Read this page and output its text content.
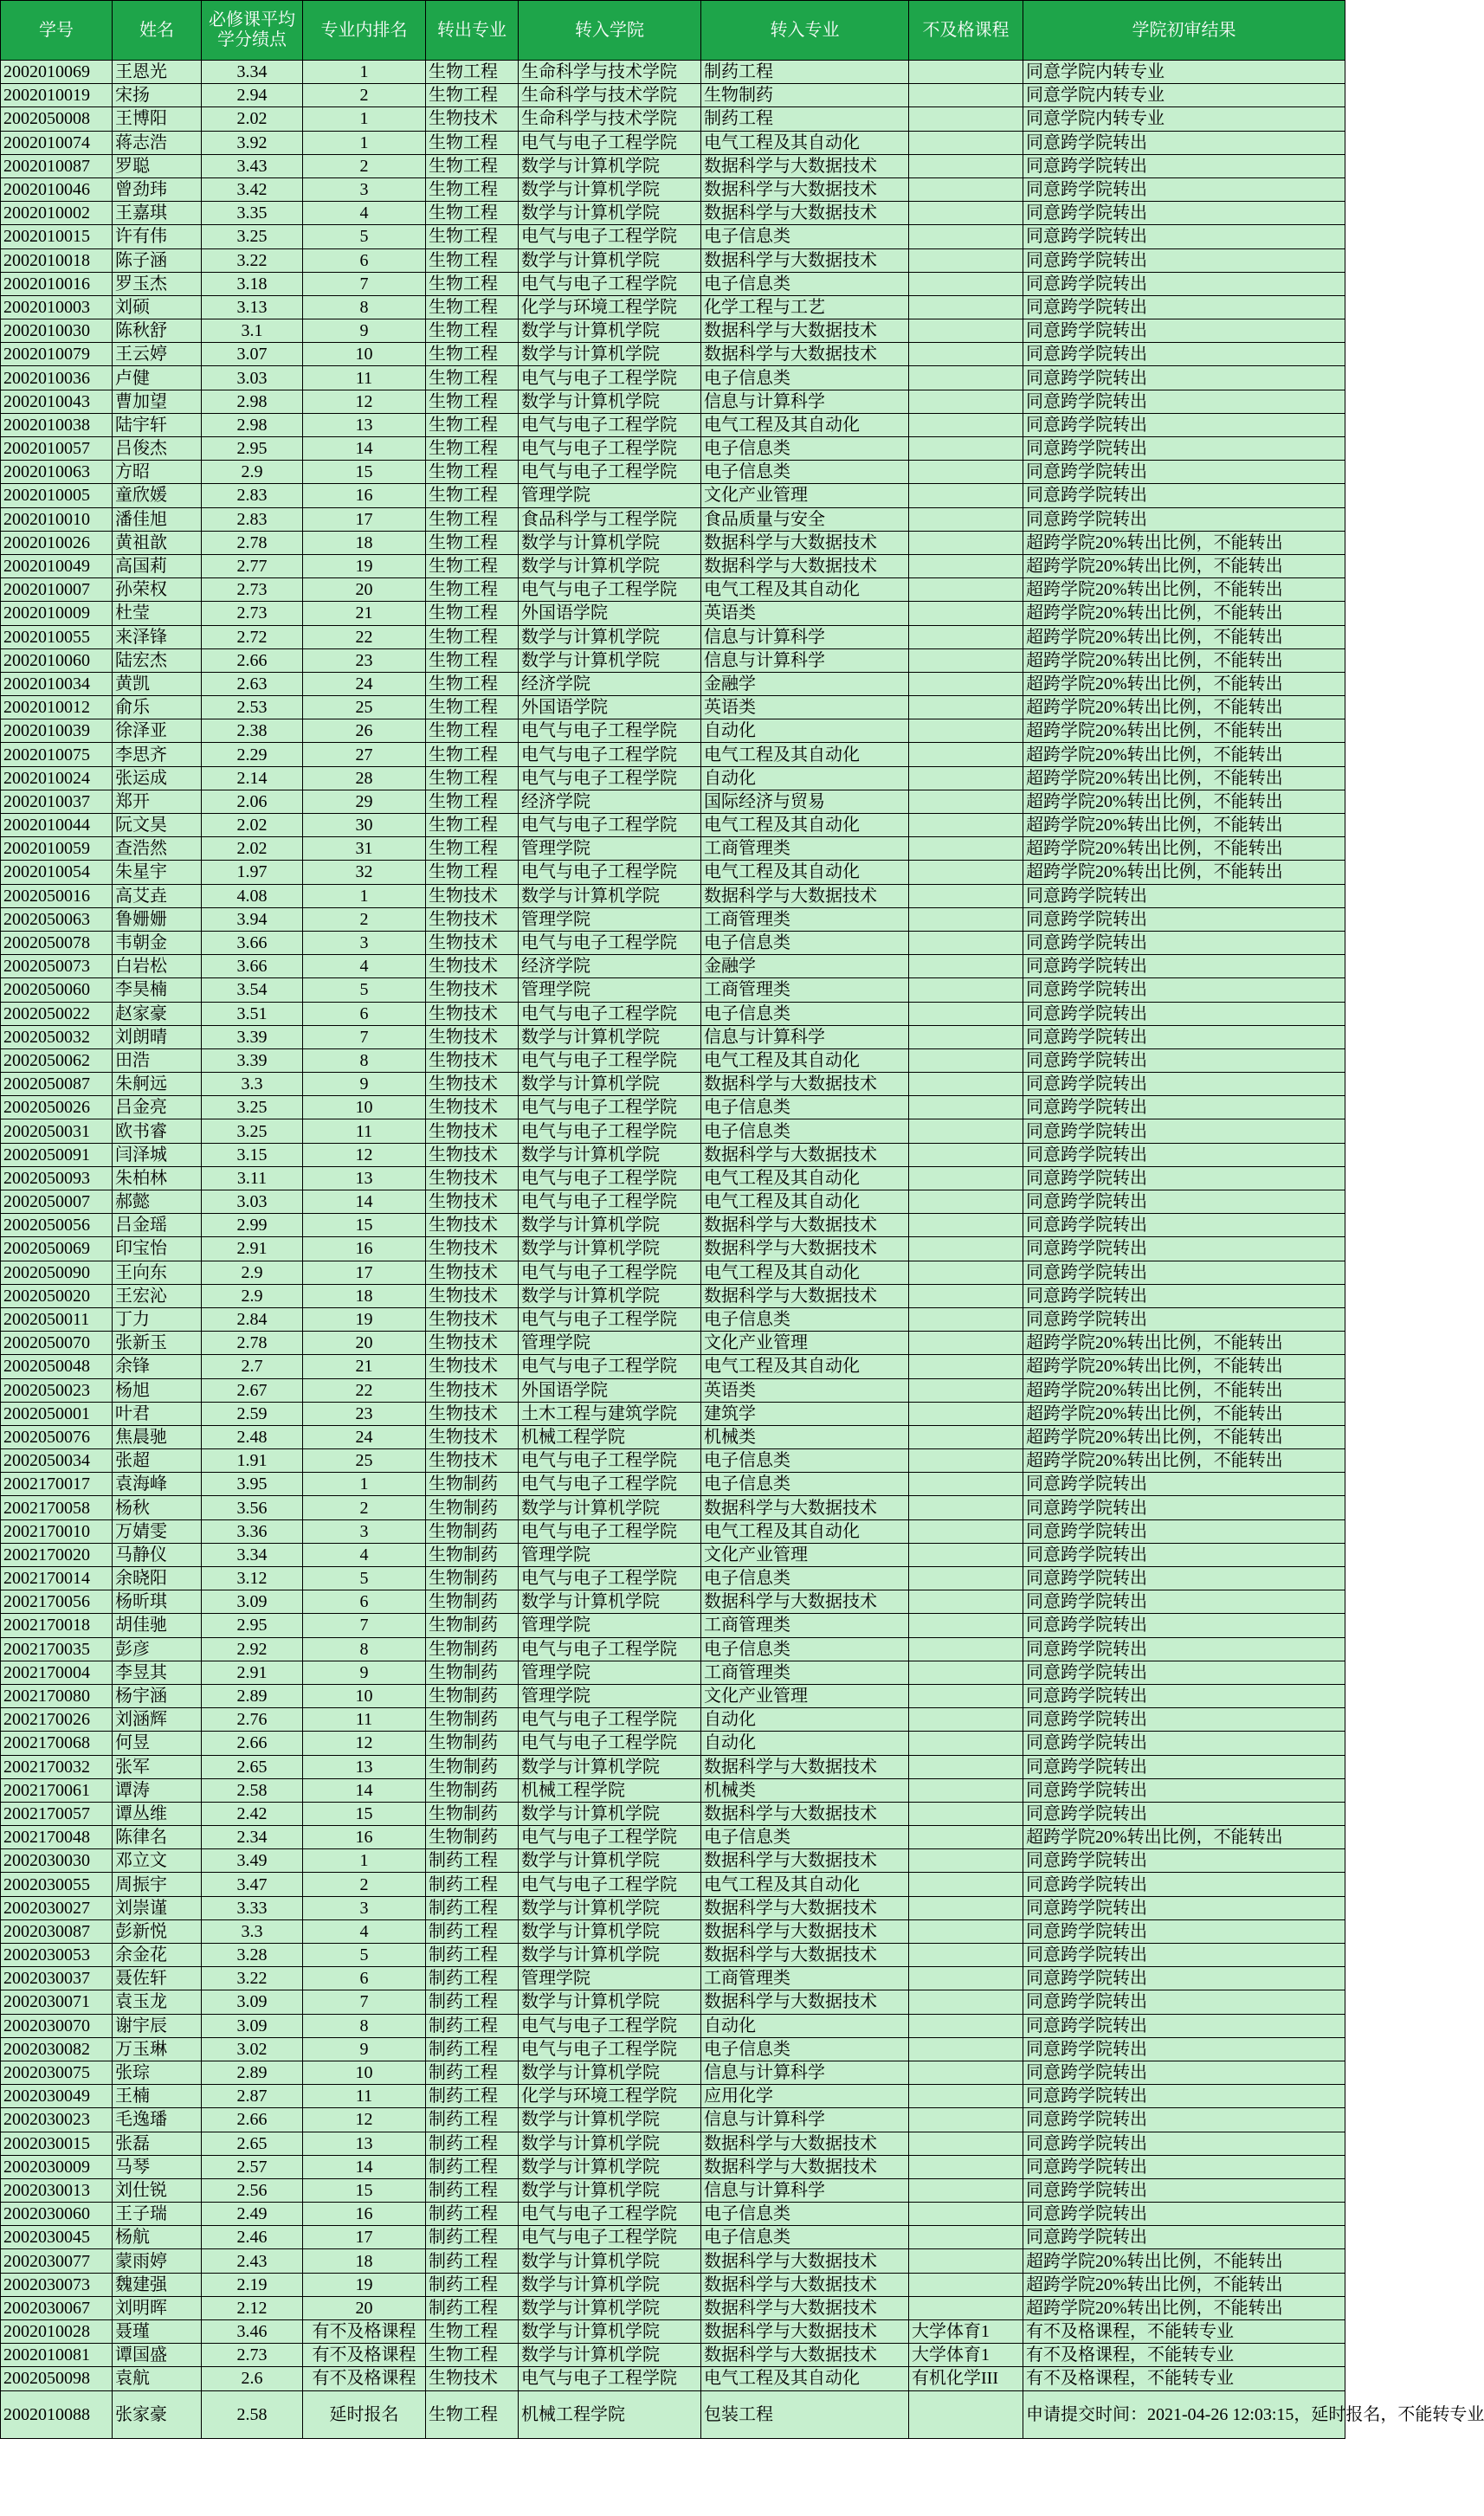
学号	姓名	必修课平均学分绩点	专业内排名	转出专业	转入学院	转入专业	不及格课程	学院初审结果
2002010069	王恩光	3.34	1	生物工程	生命科学与技术学院	制药工程		同意学院内转专业
2002010019	宋扬	2.94	2	生物工程	生命科学与技术学院	生物制药		同意学院内转专业
2002050008	王博阳	2.02	1	生物技术	生命科学与技术学院	制药工程		同意学院内转专业
2002010074	蒋志浩	3.92	1	生物工程	电气与电子工程学院	电气工程及其自动化		同意跨学院转出
2002010087	罗聪	3.43	2	生物工程	数学与计算机学院	数据科学与大数据技术		同意跨学院转出
2002010046	曾劲玮	3.42	3	生物工程	数学与计算机学院	数据科学与大数据技术		同意跨学院转出
2002010002	王嘉琪	3.35	4	生物工程	数学与计算机学院	数据科学与大数据技术		同意跨学院转出
2002010015	许有伟	3.25	5	生物工程	电气与电子工程学院	电子信息类		同意跨学院转出
2002010018	陈子涵	3.22	6	生物工程	数学与计算机学院	数据科学与大数据技术		同意跨学院转出
2002010016	罗玉杰	3.18	7	生物工程	电气与电子工程学院	电子信息类		同意跨学院转出
2002010003	刘硕	3.13	8	生物工程	化学与环境工程学院	化学工程与工艺		同意跨学院转出
2002010030	陈秋舒	3.1	9	生物工程	数学与计算机学院	数据科学与大数据技术		同意跨学院转出
2002010079	王云婷	3.07	10	生物工程	数学与计算机学院	数据科学与大数据技术		同意跨学院转出
2002010036	卢健	3.03	11	生物工程	电气与电子工程学院	电子信息类		同意跨学院转出
2002010043	曹加望	2.98	12	生物工程	数学与计算机学院	信息与计算科学		同意跨学院转出
2002010038	陆宇轩	2.98	13	生物工程	电气与电子工程学院	电气工程及其自动化		同意跨学院转出
2002010057	吕俊杰	2.95	14	生物工程	电气与电子工程学院	电子信息类		同意跨学院转出
2002010063	方昭	2.9	15	生物工程	电气与电子工程学院	电子信息类		同意跨学院转出
2002010005	童欣媛	2.83	16	生物工程	管理学院	文化产业管理		同意跨学院转出
2002010010	潘佳旭	2.83	17	生物工程	食品科学与工程学院	食品质量与安全		同意跨学院转出
2002010026	黄祖歆	2.78	18	生物工程	数学与计算机学院	数据科学与大数据技术		超跨学院20%转出比例，不能转出
2002010049	高国莉	2.77	19	生物工程	数学与计算机学院	数据科学与大数据技术		超跨学院20%转出比例，不能转出
2002010007	孙荣权	2.73	20	生物工程	电气与电子工程学院	电气工程及其自动化		超跨学院20%转出比例，不能转出
2002010009	杜莹	2.73	21	生物工程	外国语学院	英语类		超跨学院20%转出比例，不能转出
2002010055	来泽锋	2.72	22	生物工程	数学与计算机学院	信息与计算科学		超跨学院20%转出比例，不能转出
2002010060	陆宏杰	2.66	23	生物工程	数学与计算机学院	信息与计算科学		超跨学院20%转出比例，不能转出
2002010034	黄凯	2.63	24	生物工程	经济学院	金融学		超跨学院20%转出比例，不能转出
2002010012	俞乐	2.53	25	生物工程	外国语学院	英语类		超跨学院20%转出比例，不能转出
2002010039	徐泽亚	2.38	26	生物工程	电气与电子工程学院	自动化		超跨学院20%转出比例，不能转出
2002010075	李思齐	2.29	27	生物工程	电气与电子工程学院	电气工程及其自动化		超跨学院20%转出比例，不能转出
2002010024	张运成	2.14	28	生物工程	电气与电子工程学院	自动化		超跨学院20%转出比例，不能转出
2002010037	郑开	2.06	29	生物工程	经济学院	国际经济与贸易		超跨学院20%转出比例，不能转出
2002010044	阮文昊	2.02	30	生物工程	电气与电子工程学院	电气工程及其自动化		超跨学院20%转出比例，不能转出
2002010059	查浩然	2.02	31	生物工程	管理学院	工商管理类		超跨学院20%转出比例，不能转出
2002010054	朱星宇	1.97	32	生物工程	电气与电子工程学院	电气工程及其自动化		超跨学院20%转出比例，不能转出
2002050016	高艾垚	4.08	1	生物技术	数学与计算机学院	数据科学与大数据技术		同意跨学院转出
2002050063	鲁姗姗	3.94	2	生物技术	管理学院	工商管理类		同意跨学院转出
2002050078	韦朝金	3.66	3	生物技术	电气与电子工程学院	电子信息类		同意跨学院转出
2002050073	白岩松	3.66	4	生物技术	经济学院	金融学		同意跨学院转出
2002050060	李昊楠	3.54	5	生物技术	管理学院	工商管理类		同意跨学院转出
2002050022	赵家豪	3.51	6	生物技术	电气与电子工程学院	电子信息类		同意跨学院转出
2002050032	刘朗晴	3.39	7	生物技术	数学与计算机学院	信息与计算科学		同意跨学院转出
2002050062	田浩	3.39	8	生物技术	电气与电子工程学院	电气工程及其自动化		同意跨学院转出
2002050087	朱舸远	3.3	9	生物技术	数学与计算机学院	数据科学与大数据技术		同意跨学院转出
2002050026	吕金亮	3.25	10	生物技术	电气与电子工程学院	电子信息类		同意跨学院转出
2002050031	欧书睿	3.25	11	生物技术	电气与电子工程学院	电子信息类		同意跨学院转出
2002050091	闫泽城	3.15	12	生物技术	数学与计算机学院	数据科学与大数据技术		同意跨学院转出
2002050093	朱柏林	3.11	13	生物技术	电气与电子工程学院	电气工程及其自动化		同意跨学院转出
2002050007	郝懿	3.03	14	生物技术	电气与电子工程学院	电气工程及其自动化		同意跨学院转出
2002050056	吕金瑶	2.99	15	生物技术	数学与计算机学院	数据科学与大数据技术		同意跨学院转出
2002050069	印宝怡	2.91	16	生物技术	数学与计算机学院	数据科学与大数据技术		同意跨学院转出
2002050090	王向东	2.9	17	生物技术	电气与电子工程学院	电气工程及其自动化		同意跨学院转出
2002050020	王宏沁	2.9	18	生物技术	数学与计算机学院	数据科学与大数据技术		同意跨学院转出
2002050011	丁力	2.84	19	生物技术	电气与电子工程学院	电子信息类		同意跨学院转出
2002050070	张新玉	2.78	20	生物技术	管理学院	文化产业管理		超跨学院20%转出比例，不能转出
2002050048	余锋	2.7	21	生物技术	电气与电子工程学院	电气工程及其自动化		超跨学院20%转出比例，不能转出
2002050023	杨旭	2.67	22	生物技术	外国语学院	英语类		超跨学院20%转出比例，不能转出
2002050001	叶君	2.59	23	生物技术	土木工程与建筑学院	建筑学		超跨学院20%转出比例，不能转出
2002050076	焦晨驰	2.48	24	生物技术	机械工程学院	机械类		超跨学院20%转出比例，不能转出
2002050034	张超	1.91	25	生物技术	电气与电子工程学院	电子信息类		超跨学院20%转出比例，不能转出
2002170017	袁海峰	3.95	1	生物制药	电气与电子工程学院	电子信息类		同意跨学院转出
2002170058	杨秋	3.56	2	生物制药	数学与计算机学院	数据科学与大数据技术		同意跨学院转出
2002170010	万婧雯	3.36	3	生物制药	电气与电子工程学院	电气工程及其自动化		同意跨学院转出
2002170020	马静仪	3.34	4	生物制药	管理学院	文化产业管理		同意跨学院转出
2002170014	余晓阳	3.12	5	生物制药	电气与电子工程学院	电子信息类		同意跨学院转出
2002170056	杨昕琪	3.09	6	生物制药	数学与计算机学院	数据科学与大数据技术		同意跨学院转出
2002170018	胡佳驰	2.95	7	生物制药	管理学院	工商管理类		同意跨学院转出
2002170035	彭彦	2.92	8	生物制药	电气与电子工程学院	电子信息类		同意跨学院转出
2002170004	李昱其	2.91	9	生物制药	管理学院	工商管理类		同意跨学院转出
2002170080	杨宇涵	2.89	10	生物制药	管理学院	文化产业管理		同意跨学院转出
2002170026	刘涵辉	2.76	11	生物制药	电气与电子工程学院	自动化		同意跨学院转出
2002170068	何昱	2.66	12	生物制药	电气与电子工程学院	自动化		同意跨学院转出
2002170032	张军	2.65	13	生物制药	数学与计算机学院	数据科学与大数据技术		同意跨学院转出
2002170061	谭涛	2.58	14	生物制药	机械工程学院	机械类		同意跨学院转出
2002170057	谭丛维	2.42	15	生物制药	数学与计算机学院	数据科学与大数据技术		同意跨学院转出
2002170048	陈律名	2.34	16	生物制药	电气与电子工程学院	电子信息类		超跨学院20%转出比例，不能转出
2002030030	邓立文	3.49	1	制药工程	数学与计算机学院	数据科学与大数据技术		同意跨学院转出
2002030055	周振宇	3.47	2	制药工程	电气与电子工程学院	电气工程及其自动化		同意跨学院转出
2002030027	刘崇谨	3.33	3	制药工程	数学与计算机学院	数据科学与大数据技术		同意跨学院转出
2002030087	彭新悦	3.3	4	制药工程	数学与计算机学院	数据科学与大数据技术		同意跨学院转出
2002030053	余金花	3.28	5	制药工程	数学与计算机学院	数据科学与大数据技术		同意跨学院转出
2002030037	聂佐轩	3.22	6	制药工程	管理学院	工商管理类		同意跨学院转出
2002030071	袁玉龙	3.09	7	制药工程	数学与计算机学院	数据科学与大数据技术		同意跨学院转出
2002030070	谢宇辰	3.09	8	制药工程	电气与电子工程学院	自动化		同意跨学院转出
2002030082	万玉琳	3.02	9	制药工程	电气与电子工程学院	电子信息类		同意跨学院转出
2002030075	张琮	2.89	10	制药工程	数学与计算机学院	信息与计算科学		同意跨学院转出
2002030049	王楠	2.87	11	制药工程	化学与环境工程学院	应用化学		同意跨学院转出
2002030023	毛逸璠	2.66	12	制药工程	数学与计算机学院	信息与计算科学		同意跨学院转出
2002030015	张磊	2.65	13	制药工程	数学与计算机学院	数据科学与大数据技术		同意跨学院转出
2002030009	马琴	2.57	14	制药工程	数学与计算机学院	数据科学与大数据技术		同意跨学院转出
2002030013	刘仕锐	2.56	15	制药工程	数学与计算机学院	信息与计算科学		同意跨学院转出
2002030060	王子瑞	2.49	16	制药工程	电气与电子工程学院	电子信息类		同意跨学院转出
2002030045	杨航	2.46	17	制药工程	电气与电子工程学院	电子信息类		同意跨学院转出
2002030077	蒙雨婷	2.43	18	制药工程	数学与计算机学院	数据科学与大数据技术		超跨学院20%转出比例，不能转出
2002030073	魏建强	2.19	19	制药工程	数学与计算机学院	数据科学与大数据技术		超跨学院20%转出比例，不能转出
2002030067	刘明晖	2.12	20	制药工程	数学与计算机学院	数据科学与大数据技术		超跨学院20%转出比例，不能转出
2002010028	聂瑾	3.46	有不及格课程	生物工程	数学与计算机学院	数据科学与大数据技术	大学体育1	有不及格课程，不能转专业
2002010081	谭国盛	2.73	有不及格课程	生物工程	数学与计算机学院	数据科学与大数据技术	大学体育1	有不及格课程，不能转专业
2002050098	袁航	2.6	有不及格课程	生物技术	电气与电子工程学院	电气工程及其自动化	有机化学III	有不及格课程，不能转专业
2002010088	张家豪	2.58	延时报名	生物工程	机械工程学院	包装工程		申请提交时间：2021-04-26 12:03:15，延时报名，不能转专业
